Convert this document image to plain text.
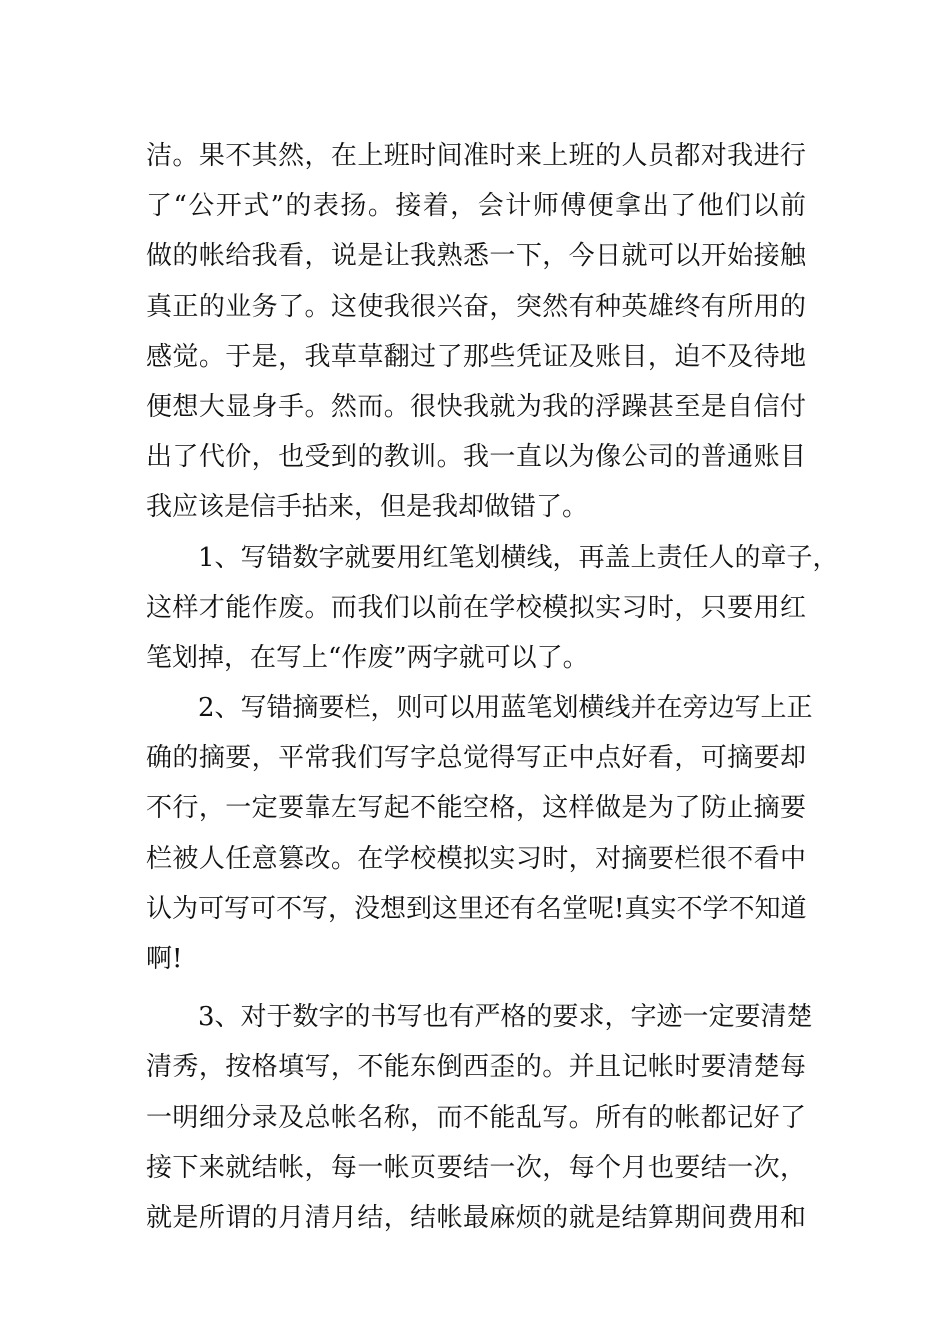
洁。果不其然，在上班时间准时来上班的人员都对我进行
了“公开式”的表扬。接着，会计师傅便拿出了他们以前
做的帐给我看，说是让我熟悉一下，今日就可以开始接触
真正的业务了。这使我很兴奋，突然有种英雄终有所用的
感觉。于是，我草草翻过了那些凭证及账目，迫不及待地
便想大显身手。然而。很快我就为我的浮躁甚至是自信付
出了代价，也受到的教训。我一直以为像公司的普通账目
我应该是信手拈来，但是我却做错了。
1、写错数字就要用红笔划横线，再盖上责任人的章子，
这样才能作废。而我们以前在学校模拟实习时，只要用红
笔划掉，在写上“作废”两字就可以了。
2、写错摘要栏，则可以用蓝笔划横线并在旁边写上正
确的摘要，平常我们写字总觉得写正中点好看，可摘要却
不行，一定要靠左写起不能空格，这样做是为了防止摘要
栏被人任意篡改。在学校模拟实习时，对摘要栏很不看中
认为可写可不写，没想到这里还有名堂呢!真实不学不知道
啊!
3、对于数字的书写也有严格的要求，字迹一定要清楚
清秀，按格填写，不能东倒西歪的。并且记帐时要清楚每
一明细分录及总帐名称，而不能乱写。所有的帐都记好了
接下来就结帐，每一帐页要结一次，每个月也要结一次，
就是所谓的月清月结，结帐最麻烦的就是结算期间费用和
